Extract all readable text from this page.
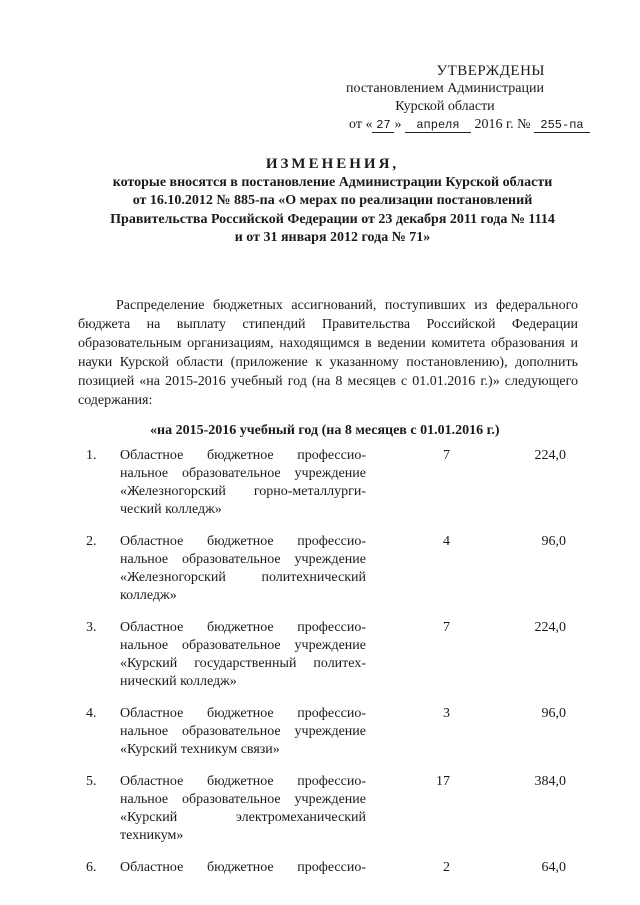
УТВЕРЖДЕНЫ
постановлением Администрации
Курской области
от « 27 » апреля 2016 г. № 255-па
ИЗМЕНЕНИЯ,
которые вносятся в постановление Администрации Курской области
от 16.10.2012 № 885-па «О мерах по реализации постановлений
Правительства Российской Федерации от 23 декабря 2011 года № 1114
и от 31 января 2012 года № 71»

Распределение бюджетных ассигнований, поступивших из федерального бюджета на выплату стипендий Правительства Российской Федерации образовательным организациям, находящимся в ведении комитета образования и науки Курской области (приложение к указанному постановлению), дополнить позицией «на 2015-2016 учебный год (на 8 месяцев с 01.01.2016 г.)» следующего содержания:

«на 2015-2016 учебный год (на 8 месяцев с 01.01.2016 г.)
1.	Областное бюджетное профессио-
нальное образовательное учреждение
«Железногорский горно-металлурги-
ческий колледж»	7	224,0

2.	Областное бюджетное профессио-
нальное образовательное учреждение
«Железногорский политехнический
колледж»	4	96,0

3.	Областное бюджетное профессио-
нальное образовательное учреждение
«Курский государственный политех-
нический колледж»	7	224,0

4.	Областное бюджетное профессио-
нальное образовательное учреждение
«Курский техникум связи»	3	96,0

5.	Областное бюджетное профессио-
нальное образовательное учреждение
«Курский электромеханический
техникум»	17	384,0

6.	Областное бюджетное профессио-	2	64,0
